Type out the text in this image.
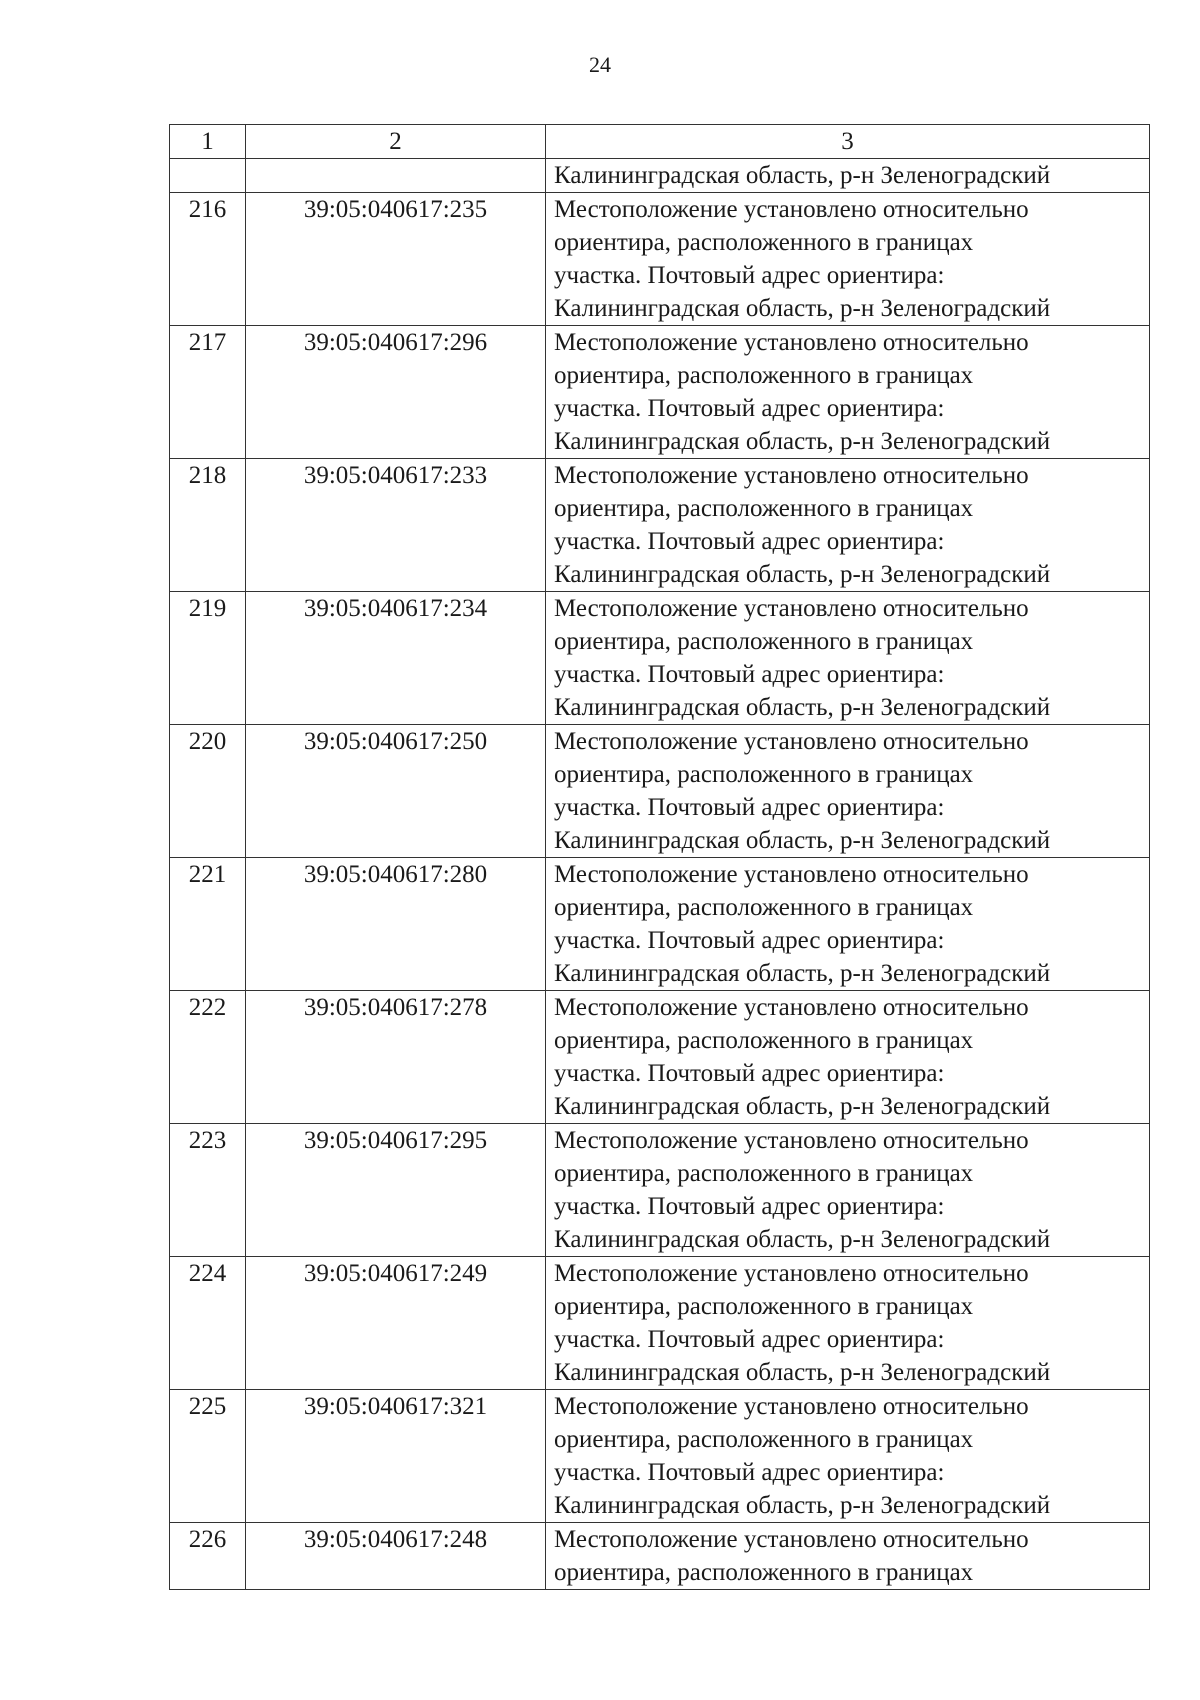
24
1	2	3

		Калининградская область, р-н Зеленоградский

216	39:05:040617:235	Местоположение установлено относительно
ориентира, расположенного в границах
участка. Почтовый адрес ориентира:
Калининградская область, р-н Зеленоградский

217	39:05:040617:296	Местоположение установлено относительно
ориентира, расположенного в границах
участка. Почтовый адрес ориентира:
Калининградская область, р-н Зеленоградский

218	39:05:040617:233	Местоположение установлено относительно
ориентира, расположенного в границах
участка. Почтовый адрес ориентира:
Калининградская область, р-н Зеленоградский

219	39:05:040617:234	Местоположение установлено относительно
ориентира, расположенного в границах
участка. Почтовый адрес ориентира:
Калининградская область, р-н Зеленоградский

220	39:05:040617:250	Местоположение установлено относительно
ориентира, расположенного в границах
участка. Почтовый адрес ориентира:
Калининградская область, р-н Зеленоградский

221	39:05:040617:280	Местоположение установлено относительно
ориентира, расположенного в границах
участка. Почтовый адрес ориентира:
Калининградская область, р-н Зеленоградский

222	39:05:040617:278	Местоположение установлено относительно
ориентира, расположенного в границах
участка. Почтовый адрес ориентира:
Калининградская область, р-н Зеленоградский

223	39:05:040617:295	Местоположение установлено относительно
ориентира, расположенного в границах
участка. Почтовый адрес ориентира:
Калининградская область, р-н Зеленоградский

224	39:05:040617:249	Местоположение установлено относительно
ориентира, расположенного в границах
участка. Почтовый адрес ориентира:
Калининградская область, р-н Зеленоградский

225	39:05:040617:321	Местоположение установлено относительно
ориентира, расположенного в границах
участка. Почтовый адрес ориентира:
Калининградская область, р-н Зеленоградский

226	39:05:040617:248	Местоположение установлено относительно
ориентира, расположенного в границах
